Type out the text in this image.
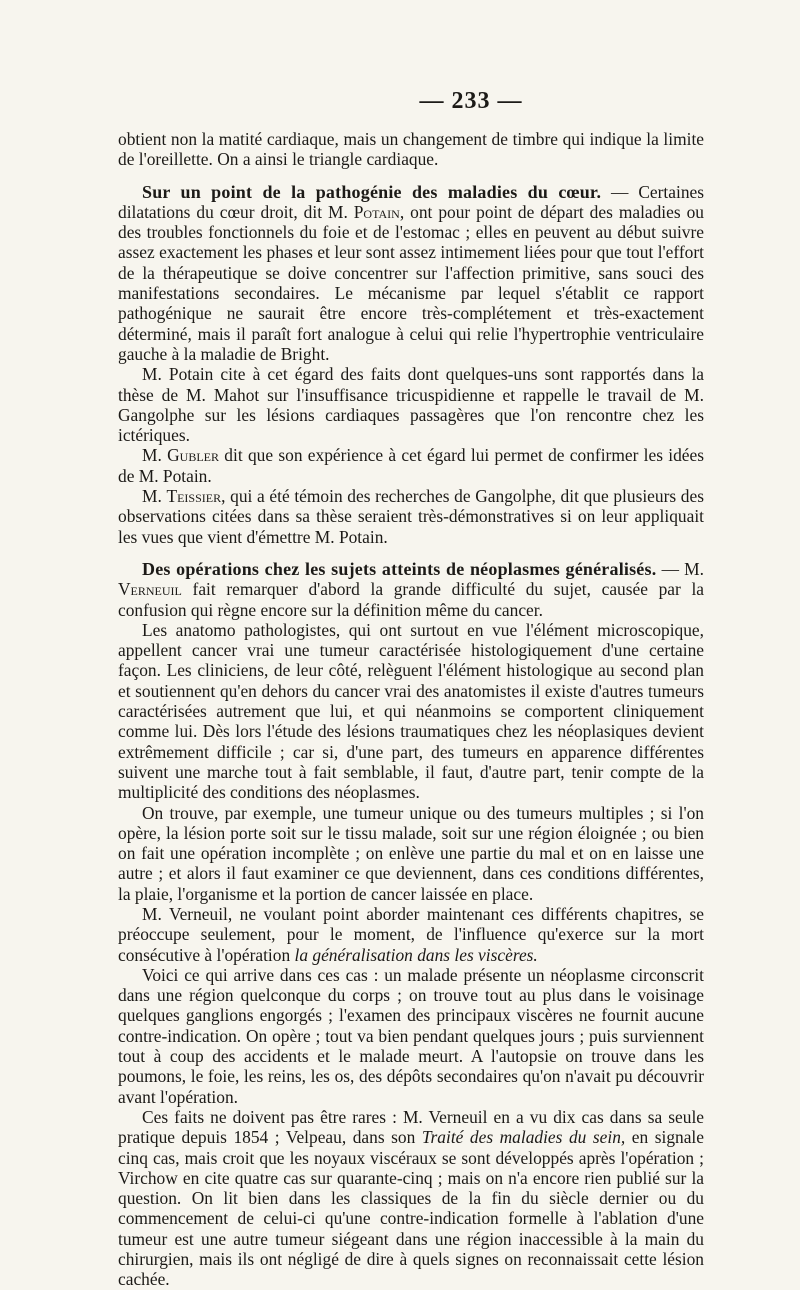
— 233 —

obtient non la matité cardiaque, mais un changement de timbre qui indique la limite de l'oreillette. On a ainsi le triangle cardiaque.

Sur un point de la pathogénie des maladies du cœur. — Certaines dilatations du cœur droit, dit M. Potain, ont pour point de départ des maladies ou des troubles fonctionnels du foie et de l'estomac ; elles en peuvent au début suivre assez exactement les phases et leur sont assez intimement liées pour que tout l'effort de la thérapeutique se doive concentrer sur l'affection primitive, sans souci des manifestations secondaires. Le mécanisme par lequel s'établit ce rapport pathogénique ne saurait être encore très-complétement et très-exactement déterminé, mais il paraît fort analogue à celui qui relie l'hypertrophie ventriculaire gauche à la maladie de Bright.

M. Potain cite à cet égard des faits dont quelques-uns sont rapportés dans la thèse de M. Mahot sur l'insuffisance tricuspidienne et rappelle le travail de M. Gangolphe sur les lésions cardiaques passagères que l'on rencontre chez les ictériques.

M. Gubler dit que son expérience à cet égard lui permet de confirmer les idées de M. Potain.

M. Teissier, qui a été témoin des recherches de Gangolphe, dit que plusieurs des observations citées dans sa thèse seraient très-démonstratives si on leur appliquait les vues que vient d'émettre M. Potain.

Des opérations chez les sujets atteints de néoplasmes généralisés. — M. Verneuil fait remarquer d'abord la grande difficulté du sujet, causée par la confusion qui règne encore sur la définition même du cancer.

Les anatomo pathologistes, qui ont surtout en vue l'élément microscopique, appellent cancer vrai une tumeur caractérisée histologiquement d'une certaine façon. Les cliniciens, de leur côté, relèguent l'élément histologique au second plan et soutiennent qu'en dehors du cancer vrai des anatomistes il existe d'autres tumeurs caractérisées autrement que lui, et qui néanmoins se comportent cliniquement comme lui. Dès lors l'étude des lésions traumatiques chez les néoplasiques devient extrêmement difficile ; car si, d'une part, des tumeurs en apparence différentes suivent une marche tout à fait semblable, il faut, d'autre part, tenir compte de la multiplicité des conditions des néoplasmes.

On trouve, par exemple, une tumeur unique ou des tumeurs multiples ; si l'on opère, la lésion porte soit sur le tissu malade, soit sur une région éloignée ; ou bien on fait une opération incomplète ; on enlève une partie du mal et on en laisse une autre ; et alors il faut examiner ce que deviennent, dans ces conditions différentes, la plaie, l'organisme et la portion de cancer laissée en place.

M. Verneuil, ne voulant point aborder maintenant ces différents chapitres, se préoccupe seulement, pour le moment, de l'influence qu'exerce sur la mort consécutive à l'opération la généralisation dans les viscères.

Voici ce qui arrive dans ces cas : un malade présente un néoplasme circonscrit dans une région quelconque du corps ; on trouve tout au plus dans le voisinage quelques ganglions engorgés ; l'examen des principaux viscères ne fournit aucune contre-indication. On opère ; tout va bien pendant quelques jours ; puis surviennent tout à coup des accidents et le malade meurt. A l'autopsie on trouve dans les poumons, le foie, les reins, les os, des dépôts secondaires qu'on n'avait pu découvrir avant l'opération.

Ces faits ne doivent pas être rares : M. Verneuil en a vu dix cas dans sa seule pratique depuis 1854 ; Velpeau, dans son Traité des maladies du sein, en signale cinq cas, mais croit que les noyaux viscéraux se sont développés après l'opération ; Virchow en cite quatre cas sur quarante-cinq ; mais on n'a encore rien publié sur la question. On lit bien dans les classiques de la fin du siècle dernier ou du commencement de celui-ci qu'une contre-indication formelle à l'ablation d'une tumeur est une autre tumeur siégeant dans une région inaccessible à la main du chirurgien, mais ils ont négligé de dire à quels signes on reconnaissait cette lésion cachée.
